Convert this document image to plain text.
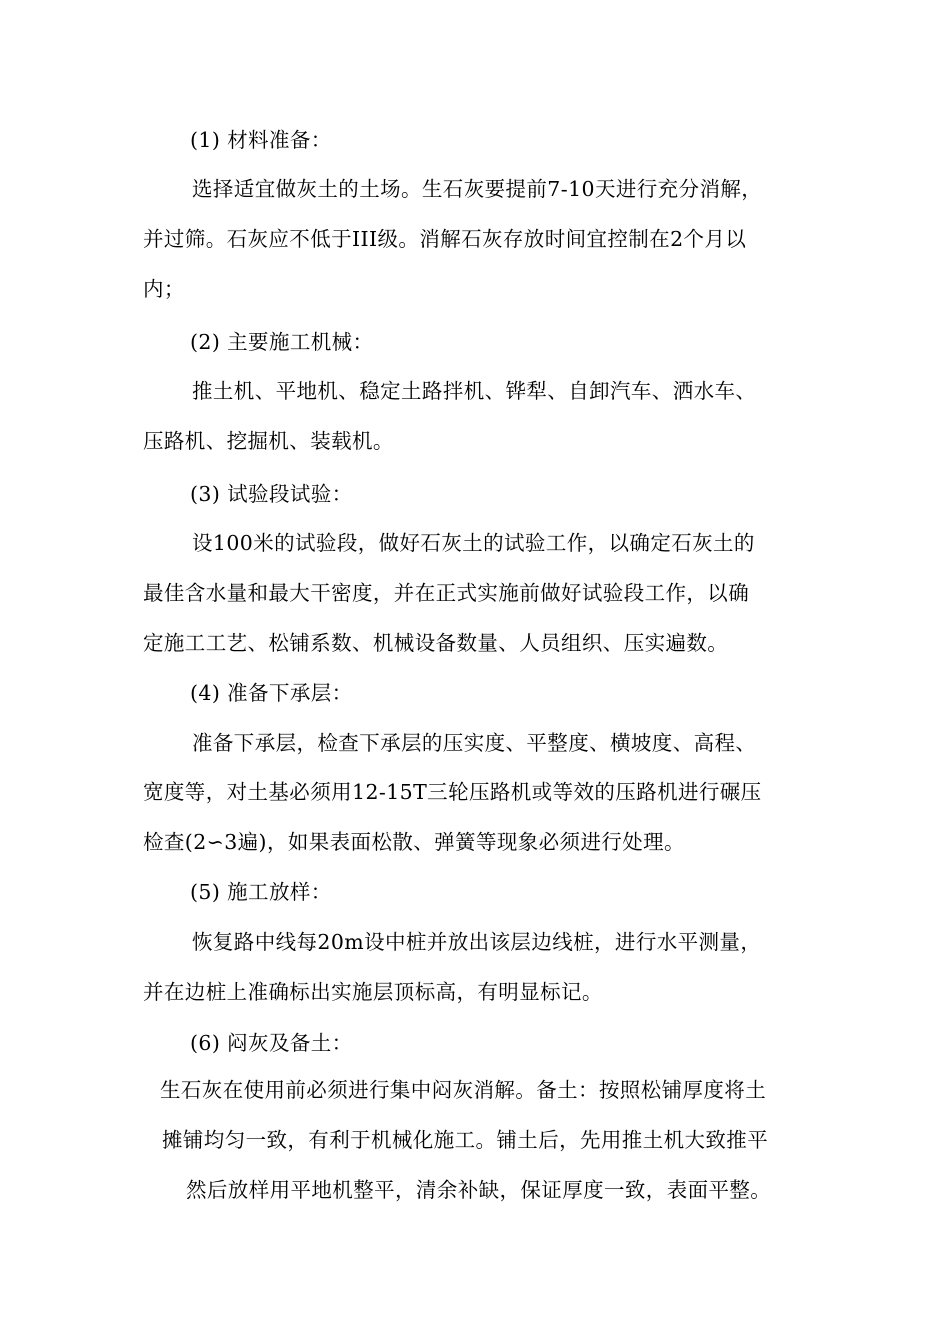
(1) 材料准备：
选择适宜做灰土的土场。生石灰要提前7-10天进行充分消解，
并过筛。石灰应不低于III级。消解石灰存放时间宜控制在2个月以
内；
(2) 主要施工机械：
推土机、平地机、稳定土路拌机、铧犁、自卸汽车、洒水车、
压路机、挖掘机、装载机。
(3) 试验段试验：
设100米的试验段，做好石灰土的试验工作，以确定石灰土的
最佳含水量和最大干密度，并在正式实施前做好试验段工作，以确
定施工工艺、松铺系数、机械设备数量、人员组织、压实遍数。
(4) 准备下承层：
准备下承层，检查下承层的压实度、平整度、横坡度、高程、
宽度等，对土基必须用12-15T三轮压路机或等效的压路机进行碾压
检查(2∽3遍)，如果表面松散、弹簧等现象必须进行处理。
(5) 施工放样：
恢复路中线每20m设中桩并放出该层边线桩，进行水平测量，
并在边桩上准确标出实施层顶标高，有明显标记。
(6) 闷灰及备土：
生石灰在使用前必须进行集中闷灰消解。备土：按照松铺厚度将土
摊铺均匀一致，有利于机械化施工。铺土后，先用推土机大致推平
然后放样用平地机整平，清余补缺，保证厚度一致，表面平整。
